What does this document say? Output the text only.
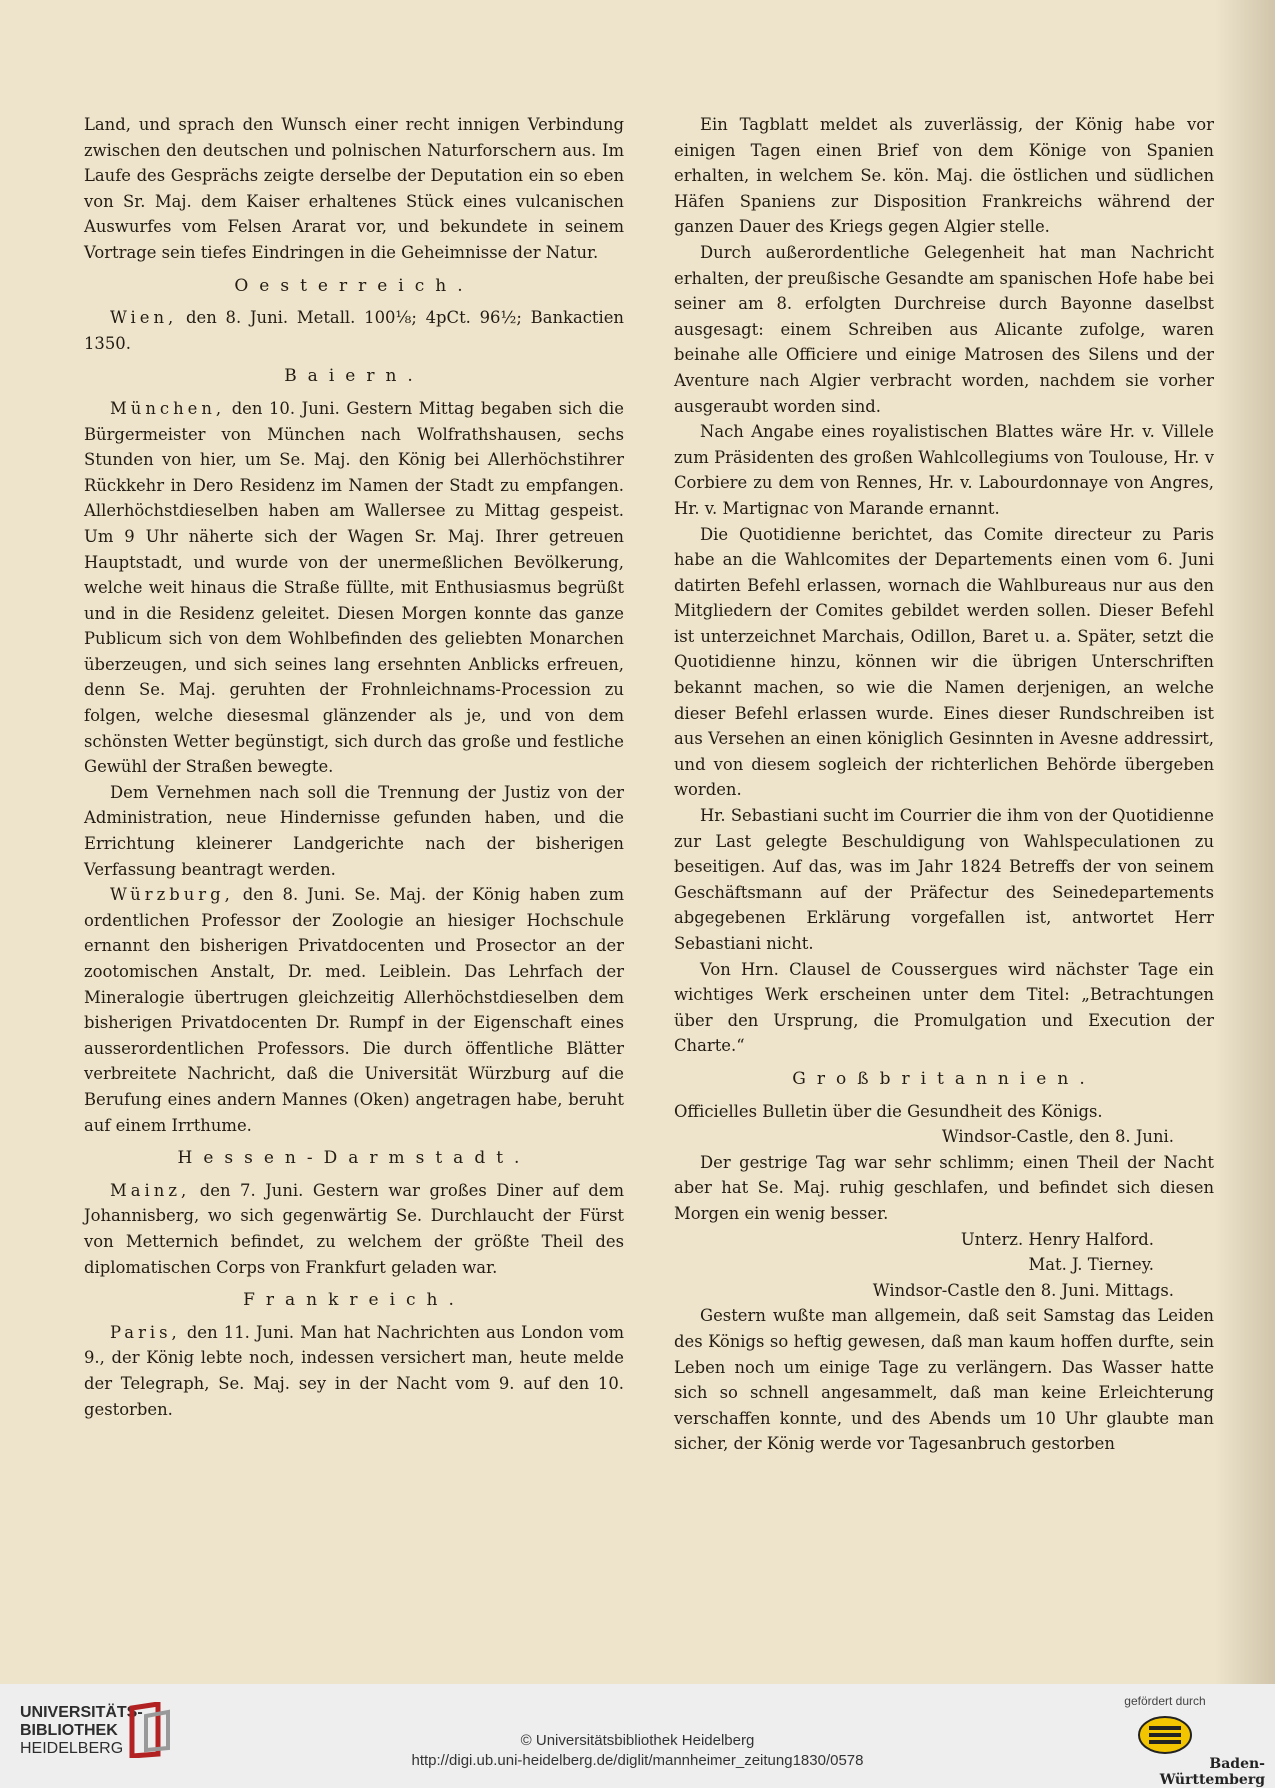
Land, und sprach den Wunsch einer recht innigen Verbindung zwischen den deutschen und polnischen Naturforschern aus. Im Laufe des Gesprächs zeigte derselbe der Deputation ein so eben von Sr. Maj. dem Kaiser erhaltenes Stück eines vulcanischen Auswurfes vom Felsen Ararat vor, und bekundete in seinem Vortrage sein tiefes Eindringen in die Geheimnisse der Natur.

Oesterreich.

Wien, den 8. Juni. Metall. 100⅛; 4pCt. 96½; Bankactien 1350.

Baiern.

München, den 10. Juni. Gestern Mittag begaben sich die Bürgermeister von München nach Wolfrathshausen, sechs Stunden von hier, um Se. Maj. den König bei Allerhöchstihrer Rückkehr in Dero Residenz im Namen der Stadt zu empfangen. Allerhöchstdieselben haben am Wallersee zu Mittag gespeist. Um 9 Uhr näherte sich der Wagen Sr. Maj. Ihrer getreuen Hauptstadt, und wurde von der unermeßlichen Bevölkerung, welche weit hinaus die Straße füllte, mit Enthusiasmus begrüßt und in die Residenz geleitet. Diesen Morgen konnte das ganze Publicum sich von dem Wohlbefinden des geliebten Monarchen überzeugen, und sich seines lang ersehnten Anblicks erfreuen, denn Se. Maj. geruhten der Frohnleichnams-Procession zu folgen, welche diesesmal glänzender als je, und von dem schönsten Wetter begünstigt, sich durch das große und festliche Gewühl der Straßen bewegte.

Dem Vernehmen nach soll die Trennung der Justiz von der Administration, neue Hindernisse gefunden haben, und die Errichtung kleinerer Landgerichte nach der bisherigen Verfassung beantragt werden.

Würzburg, den 8. Juni. Se. Maj. der König haben zum ordentlichen Professor der Zoologie an hiesiger Hochschule ernannt den bisherigen Privatdocenten und Prosector an der zootomischen Anstalt, Dr. med. Leiblein. Das Lehrfach der Mineralogie übertrugen gleichzeitig Allerhöchstdieselben dem bisherigen Privatdocenten Dr. Rumpf in der Eigenschaft eines ausserordentlichen Professors. Die durch öffentliche Blätter verbreitete Nachricht, daß die Universität Würzburg auf die Berufung eines andern Mannes (Oken) angetragen habe, beruht auf einem Irrthume.

Hessen-Darmstadt.

Mainz, den 7. Juni. Gestern war großes Diner auf dem Johannisberg, wo sich gegenwärtig Se. Durchlaucht der Fürst von Metternich befindet, zu welchem der größte Theil des diplomatischen Corps von Frankfurt geladen war.

Frankreich.

Paris, den 11. Juni. Man hat Nachrichten aus London vom 9., der König lebte noch, indessen versichert man, heute melde der Telegraph, Se. Maj. sey in der Nacht vom 9. auf den 10. gestorben.

Ein Tagblatt meldet als zuverlässig, der König habe vor einigen Tagen einen Brief von dem Könige von Spanien erhalten, in welchem Se. kön. Maj. die östlichen und südlichen Häfen Spaniens zur Disposition Frankreichs während der ganzen Dauer des Kriegs gegen Algier stelle.

Durch außerordentliche Gelegenheit hat man Nachricht erhalten, der preußische Gesandte am spanischen Hofe habe bei seiner am 8. erfolgten Durchreise durch Bayonne daselbst ausgesagt: einem Schreiben aus Alicante zufolge, waren beinahe alle Officiere und einige Matrosen des Silens und der Aventure nach Algier verbracht worden, nachdem sie vorher ausgeraubt worden sind.

Nach Angabe eines royalistischen Blattes wäre Hr. v. Villele zum Präsidenten des großen Wahlcollegiums von Toulouse, Hr. v Corbiere zu dem von Rennes, Hr. v. Labourdonnaye von Angres, Hr. v. Martignac von Marande ernannt.

Die Quotidienne berichtet, das Comite directeur zu Paris habe an die Wahlcomites der Departements einen vom 6. Juni datirten Befehl erlassen, wornach die Wahlbureaus nur aus den Mitgliedern der Comites gebildet werden sollen. Dieser Befehl ist unterzeichnet Marchais, Odillon, Baret u. a. Später, setzt die Quotidienne hinzu, können wir die übrigen Unterschriften bekannt machen, so wie die Namen derjenigen, an welche dieser Befehl erlassen wurde. Eines dieser Rundschreiben ist aus Versehen an einen königlich Gesinnten in Avesne addressirt, und von diesem sogleich der richterlichen Behörde übergeben worden.

Hr. Sebastiani sucht im Courrier die ihm von der Quotidienne zur Last gelegte Beschuldigung von Wahlspeculationen zu beseitigen. Auf das, was im Jahr 1824 Betreffs der von seinem Geschäftsmann auf der Präfectur des Seinedepartements abgegebenen Erklärung vorgefallen ist, antwortet Herr Sebastiani nicht.

Von Hrn. Clausel de Coussergues wird nächster Tage ein wichtiges Werk erscheinen unter dem Titel: „Betrachtungen über den Ursprung, die Promulgation und Execution der Charte.“

Großbritannien.

Officielles Bulletin über die Gesundheit des Königs.

Windsor-Castle, den 8. Juni.

Der gestrige Tag war sehr schlimm; einen Theil der Nacht aber hat Se. Maj. ruhig geschlafen, und befindet sich diesen Morgen ein wenig besser.

Unterz. Henry Halford.
Mat. J. Tierney.
Windsor-Castle den 8. Juni. Mittags.

Gestern wußte man allgemein, daß seit Samstag das Leiden des Königs so heftig gewesen, daß man kaum hoffen durfte, sein Leben noch um einige Tage zu verlängern. Das Wasser hatte sich so schnell angesammelt, daß man keine Erleichterung verschaffen konnte, und des Abends um 10 Uhr glaubte man sicher, der König werde vor Tagesanbruch gestorben

UNIVERSITÄTS-
BIBLIOTHEK
HEIDELBERG	© Universitätsbibliothek Heidelberg
http://digi.ub.uni-heidelberg.de/diglit/mannheimer_zeitung1830/0578
gefördert durch
Baden-Württemberg
